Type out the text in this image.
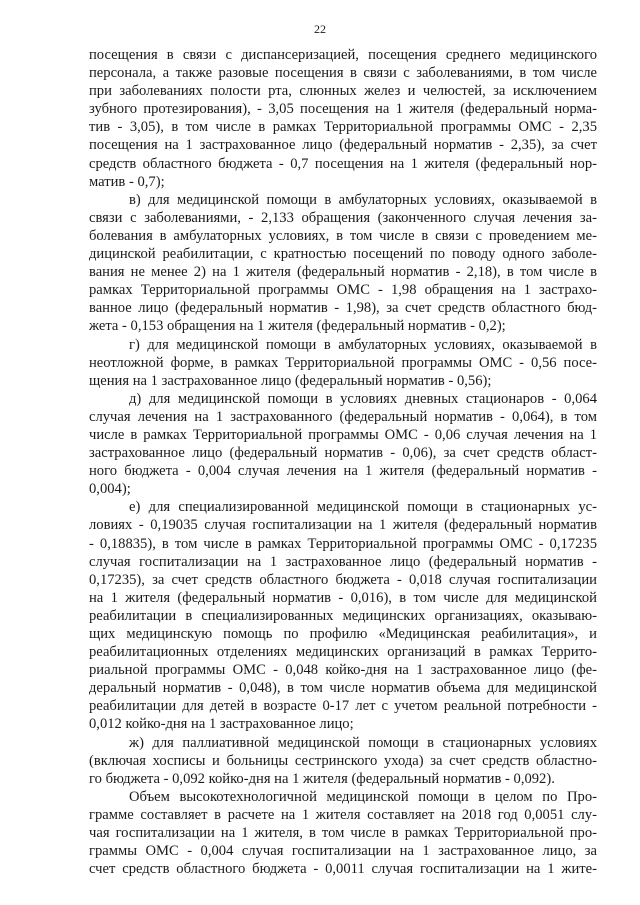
22

посещения в связи с диспансеризацией, посещения среднего медицинского
персонала, а также разовые посещения в связи с заболеваниями, в том числе
при заболеваниях полости рта, слюнных желез и челюстей, за исключением
зубного протезирования), - 3,05 посещения на 1 жителя (федеральный норма-
тив - 3,05), в том числе в рамках Территориальной программы ОМС - 2,35
посещения на 1 застрахованное лицо (федеральный норматив - 2,35), за счет
средств областного бюджета - 0,7 посещения на 1 жителя (федеральный нор-
матив - 0,7);

в) для медицинской помощи в амбулаторных условиях, оказываемой в
связи с заболеваниями, - 2,133 обращения (законченного случая лечения за-
болевания в амбулаторных условиях, в том числе в связи с проведением ме-
дицинской реабилитации, с кратностью посещений по поводу одного заболе-
вания не менее 2) на 1 жителя (федеральный норматив - 2,18), в том числе в
рамках Территориальной программы ОМС - 1,98 обращения на 1 застрахо-
ванное лицо (федеральный норматив - 1,98), за счет средств областного бюд-
жета - 0,153 обращения на 1 жителя (федеральный норматив - 0,2);

г) для медицинской помощи в амбулаторных условиях, оказываемой в
неотложной форме, в рамках Территориальной программы ОМС - 0,56 посе-
щения на 1 застрахованное лицо (федеральный норматив - 0,56);

д) для медицинской помощи в условиях дневных стационаров - 0,064
случая лечения на 1 застрахованного (федеральный норматив - 0,064), в том
числе в рамках Территориальной программы ОМС - 0,06 случая лечения на 1
застрахованное лицо (федеральный норматив - 0,06), за счет средств област-
ного бюджета - 0,004 случая лечения на 1 жителя (федеральный норматив -
0,004);

е) для специализированной медицинской помощи в стационарных ус-
ловиях - 0,19035 случая госпитализации на 1 жителя (федеральный норматив
- 0,18835), в том числе в рамках Территориальной программы ОМС - 0,17235
случая госпитализации на 1 застрахованное лицо (федеральный норматив -
0,17235), за счет средств областного бюджета - 0,018 случая госпитализации
на 1 жителя (федеральный норматив - 0,016), в том числе для медицинской
реабилитации в специализированных медицинских организациях, оказываю-
щих медицинскую помощь по профилю «Медицинская реабилитация», и
реабилитационных отделениях медицинских организаций в рамках Террито-
риальной программы ОМС - 0,048 койко-дня на 1 застрахованное лицо (фе-
деральный норматив - 0,048), в том числе норматив объема для медицинской
реабилитации для детей в возрасте 0-17 лет с учетом реальной потребности -
0,012 койко-дня на 1 застрахованное лицо;

ж) для паллиативной медицинской помощи в стационарных условиях
(включая хосписы и больницы сестринского ухода) за счет средств областно-
го бюджета - 0,092 койко-дня на 1 жителя (федеральный норматив - 0,092).

Объем высокотехнологичной медицинской помощи в целом по Про-
грамме составляет в расчете на 1 жителя составляет на 2018 год 0,0051 слу-
чая госпитализации на 1 жителя, в том числе в рамках Территориальной про-
граммы ОМС - 0,004 случая госпитализации на 1 застрахованное лицо, за
счет средств областного бюджета - 0,0011 случая госпитализации на 1 жите-
